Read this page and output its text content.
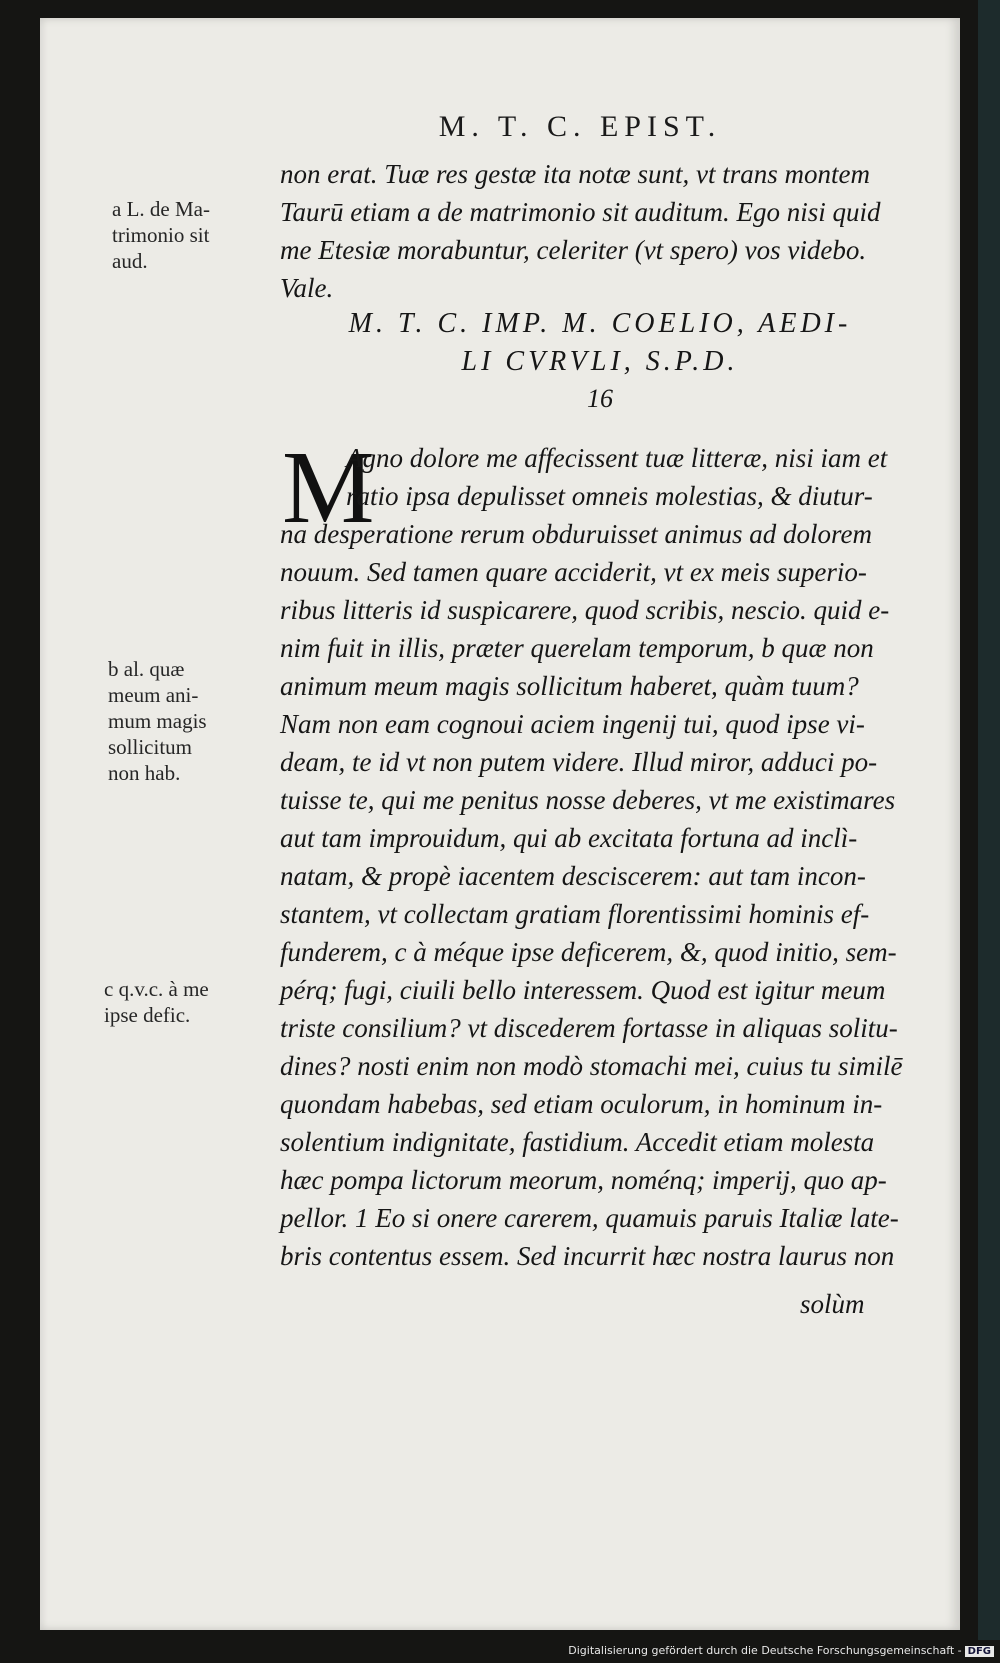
M. T. C. EPIST.
non erat. Tuæ res gestæ ita notæ sunt, vt trans montem
Taurū etiam a de matrimonio sit auditum. Ego nisi quid
me Etesiæ morabuntur, celeriter (vt spero) vos videbo.
Vale.
M. T. C. IMP. M. COELIO, AEDI-
LI CVRVLI, S.P.D.
16
M
Agno dolore me affecissent tuæ litteræ, nisi iam et
ratio ipsa depulisset omneis molestias, & diutur-
na desperatione rerum obduruisset animus ad dolorem
nouum. Sed tamen quare acciderit, vt ex meis superio-
ribus litteris id suspicarere, quod scribis, nescio. quid e-
nim fuit in illis, præter querelam temporum, b quæ non
animum meum magis sollicitum haberet, quàm tuum?
Nam non eam cognoui aciem ingenij tui, quod ipse vi-
deam, te id vt non putem videre. Illud miror, adduci po-
tuisse te, qui me penitus nosse deberes, vt me existimares
aut tam improuidum, qui ab excitata fortuna ad inclì-
natam, & propè iacentem desciscerem: aut tam incon-
stantem, vt collectam gratiam florentissimi hominis ef-
funderem, c à méque ipse deficerem, &, quod initio, sem-
pérq; fugi, ciuili bello interessem. Quod est igitur meum
triste consilium? vt discederem fortasse in aliquas solitu-
dines? nosti enim non modò stomachi mei, cuius tu similē
quondam habebas, sed etiam oculorum, in hominum in-
solentium indignitate, fastidium. Accedit etiam molesta
hæc pompa lictorum meorum, noménq; imperij, quo ap-
pellor. 1 Eo si onere carerem, quamuis paruis Italiæ late-
bris contentus essem. Sed incurrit hæc nostra laurus non
solùm
a L. de Ma-
trimonio sit
aud.
b al. quæ
meum ani-
mum magis
sollicitum
non hab.
c q.v.c. à me
ipse defic.
Digitalisierung gefördert durch die Deutsche Forschungsgemeinschaft - DFG
